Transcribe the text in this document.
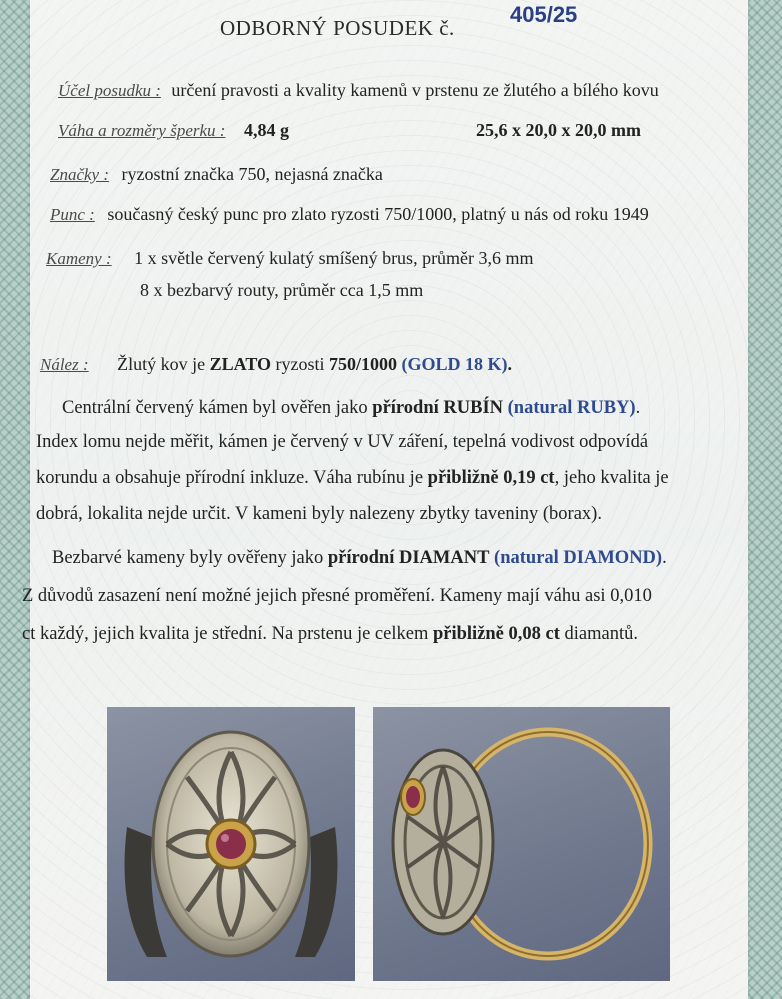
ODBORNÝ POSUDEK č.
405/25
Účel posudku : určení pravosti a kvality kamenů v prstenu ze žlutého a bílého kovu
Váha a rozměry šperku : 4,84 g	25,6 x 20,0 x 20,0 mm
Značky : ryzostní značka 750, nejasná značka
Punc : současný český punc pro zlato ryzosti 750/1000, platný u nás od roku 1949
Kameny : 1 x světle červený kulatý smíšený brus, průměr 3,6 mm
8 x bezbarvý routy, průměr cca 1,5 mm
Nález : Žlutý kov je ZLATO ryzosti 750/1000 (GOLD 18 K).
Centrální červený kámen byl ověřen jako přírodní RUBÍN (natural RUBY).
Index lomu nejde měřit, kámen je červený v UV záření, tepelná vodivost odpovídá
korundu a obsahuje přírodní inkluze. Váha rubínu je přibližně 0,19 ct, jeho kvalita je
dobrá, lokalita nejde určit. V kameni byly nalezeny zbytky taveniny (borax).
Bezbarvé kameny byly ověřeny jako přírodní DIAMANT (natural DIAMOND).
Z důvodů zasazení není možné jejich přesné proměření. Kameny mají váhu asi 0,010
ct každý, jejich kvalita je střední. Na prstenu je celkem přibližně 0,08 ct diamantů.
